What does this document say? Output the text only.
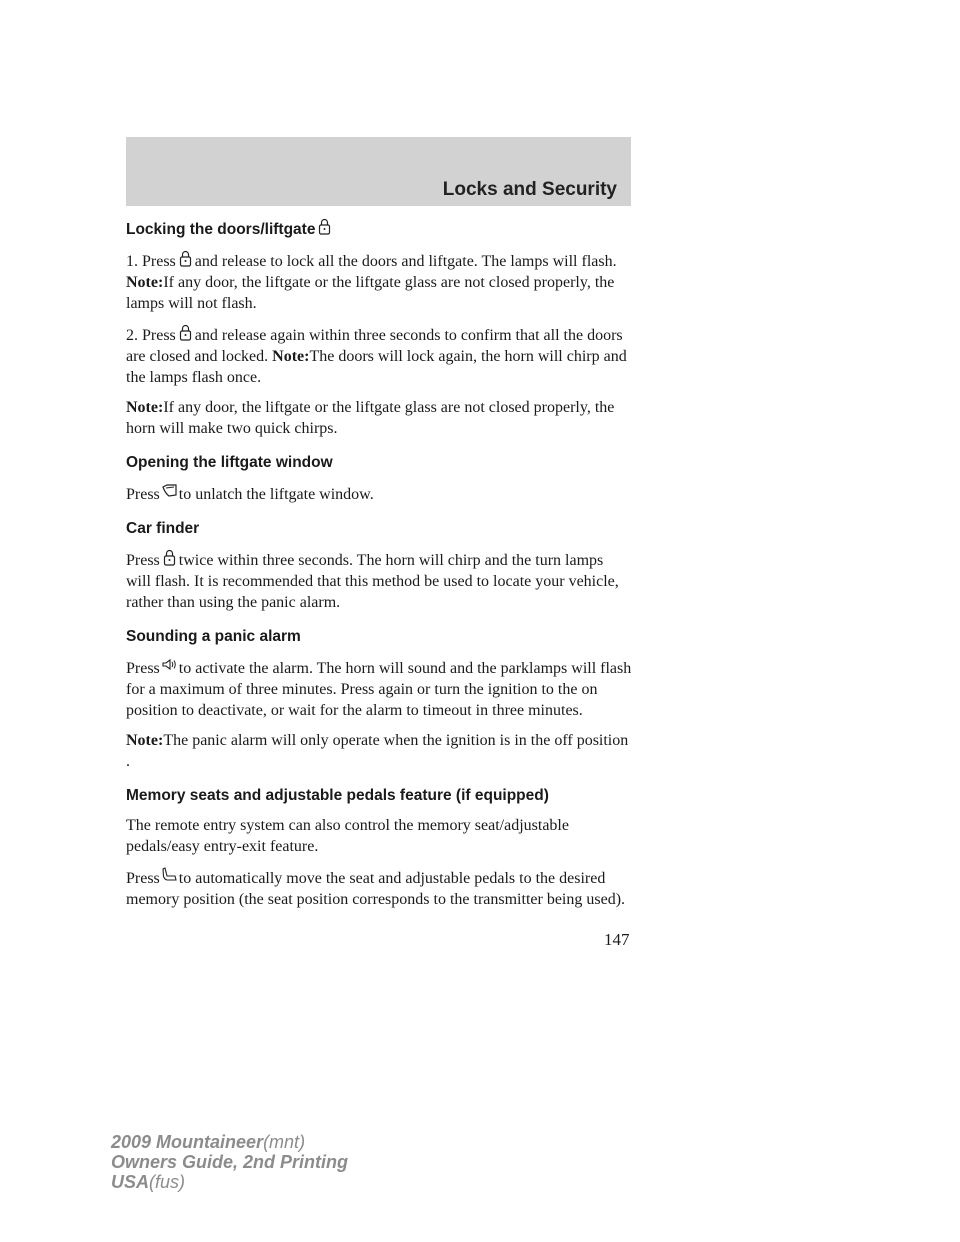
Locks and Security
Locking the doors/liftgate

1. Press and release to lock all the doors and liftgate. The lamps will flash. Note:If any door, the liftgate or the liftgate glass are not closed properly, the lamps will not flash.

2. Press and release again within three seconds to confirm that all the doors are closed and locked. Note:The doors will lock again, the horn will chirp and the lamps flash once.

Note:If any door, the liftgate or the liftgate glass are not closed properly, the horn will make two quick chirps.

Opening the liftgate window

Press to unlatch the liftgate window.

Car finder

Press twice within three seconds. The horn will chirp and the turn lamps will flash. It is recommended that this method be used to locate your vehicle, rather than using the panic alarm.

Sounding a panic alarm

Press to activate the alarm. The horn will sound and the parklamps will flash for a maximum of three minutes. Press again or turn the ignition to the on position to deactivate, or wait for the alarm to timeout in three minutes.

Note:The panic alarm will only operate when the ignition is in the off position .

Memory seats and adjustable pedals feature (if equipped)

The remote entry system can also control the memory seat/adjustable pedals/easy entry-exit feature.

Press to automatically move the seat and adjustable pedals to the desired memory position (the seat position corresponds to the transmitter being used).

147

2009 Mountaineer(mnt)
Owners Guide, 2nd Printing
USA(fus)
